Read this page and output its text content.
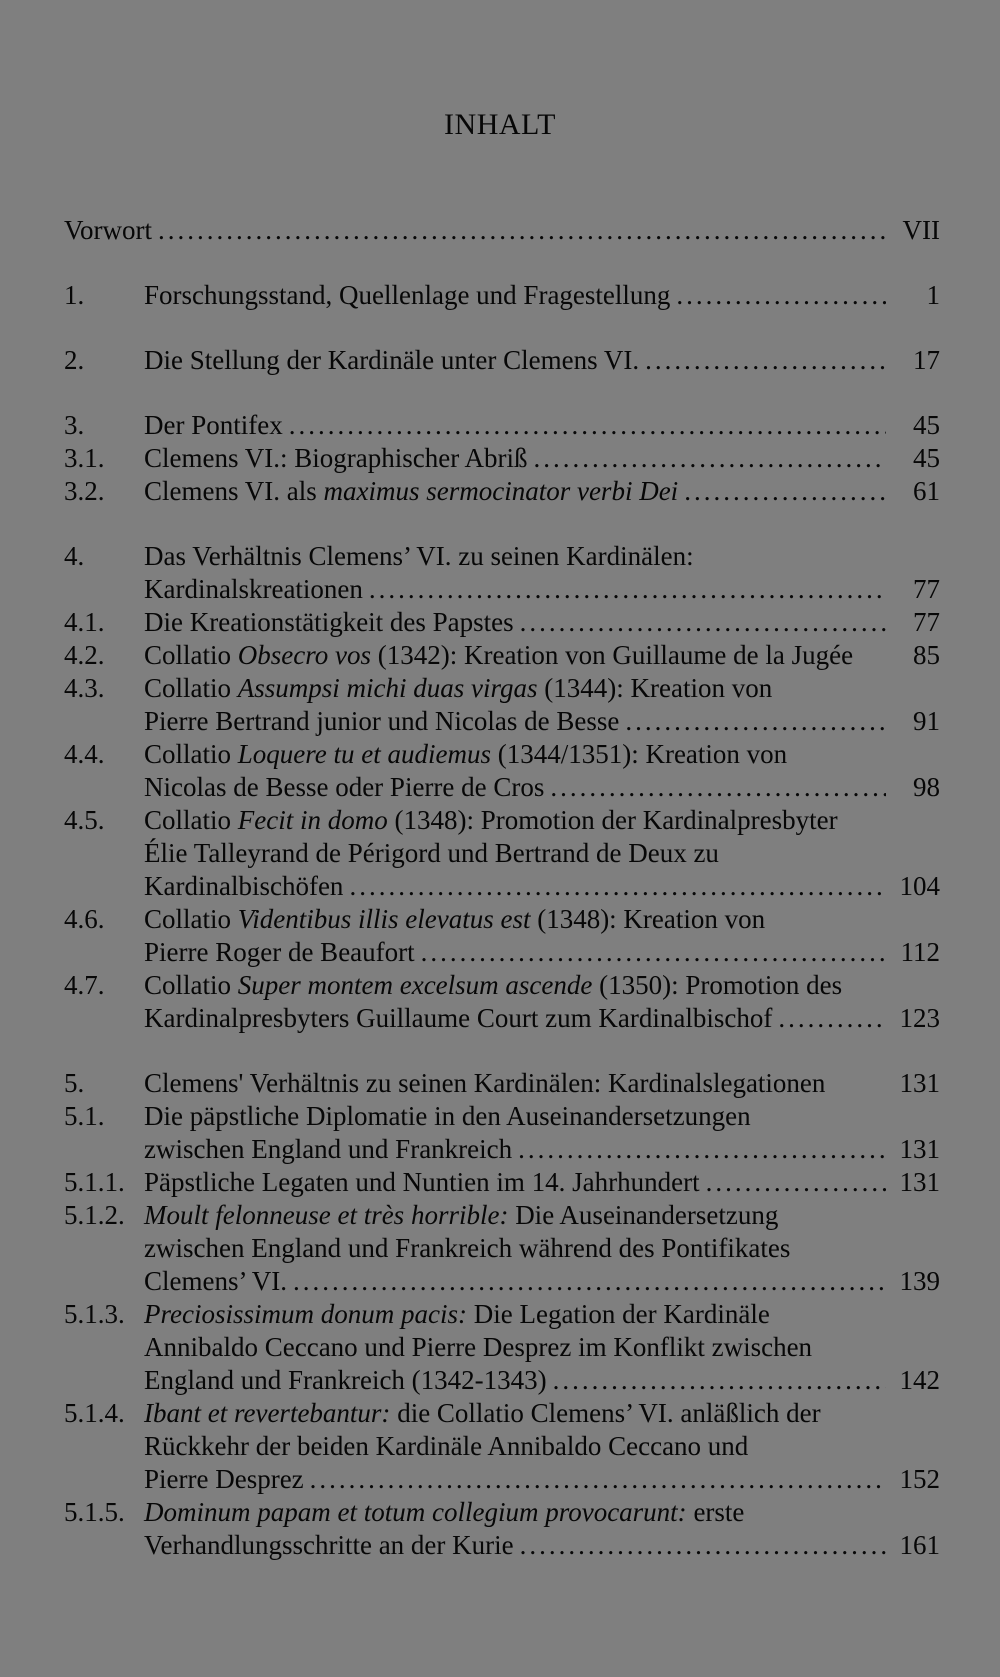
INHALT
Vorwort .....	VII
1.	Forschungsstand, Quellenlage und Fragestellung .....	1
2.	Die Stellung der Kardinäle unter Clemens VI. .....	17
3.	Der Pontifex .....	45
3.1.	Clemens VI.: Biographischer Abriß .....	45
3.2.	Clemens VI. als maximus sermocinator verbi Dei .....	61
4.	Das Verhältnis Clemens’ VI. zu seinen Kardinälen:
Kardinalskreationen .....	77
4.1.	Die Kreationstätigkeit des Papstes .....	77
4.2.	Collatio Obsecro vos (1342): Kreation von Guillaume de la Jugée	85
4.3.	Collatio Assumpsi michi duas virgas (1344): Kreation von
Pierre Bertrand junior und Nicolas de Besse .....	91
4.4.	Collatio Loquere tu et audiemus (1344/1351): Kreation von
Nicolas de Besse oder Pierre de Cros .....	98
4.5.	Collatio Fecit in domo (1348): Promotion der Kardinalpresbyter
Élie Talleyrand de Périgord und Bertrand de Deux zu
Kardinalbischöfen .....	104
4.6.	Collatio Videntibus illis elevatus est (1348): Kreation von
Pierre Roger de Beaufort .....	112
4.7.	Collatio Super montem excelsum ascende (1350): Promotion des
Kardinalpresbyters Guillaume Court zum Kardinalbischof .....	123
5.	Clemens' Verhältnis zu seinen Kardinälen: Kardinalslegationen	131
5.1.	Die päpstliche Diplomatie in den Auseinandersetzungen
zwischen England und Frankreich .....	131
5.1.1. Päpstliche Legaten und Nuntien im 14. Jahrhundert .....	131
5.1.2. Moult felonneuse et très horrible: Die Auseinandersetzung
zwischen England und Frankreich während des Pontifikates
Clemens’ VI. .....	139
5.1.3. Preciosissimum donum pacis: Die Legation der Kardinäle
Annibaldo Ceccano und Pierre Desprez im Konflikt zwischen
England und Frankreich (1342-1343) .....	142
5.1.4. Ibant et revertebantur: die Collatio Clemens’ VI. anläßlich der
Rückkehr der beiden Kardinäle Annibaldo Ceccano und
Pierre Desprez .....	152
5.1.5. Dominum papam et totum collegium provocarunt: erste
Verhandlungsschritte an der Kurie .....	161
